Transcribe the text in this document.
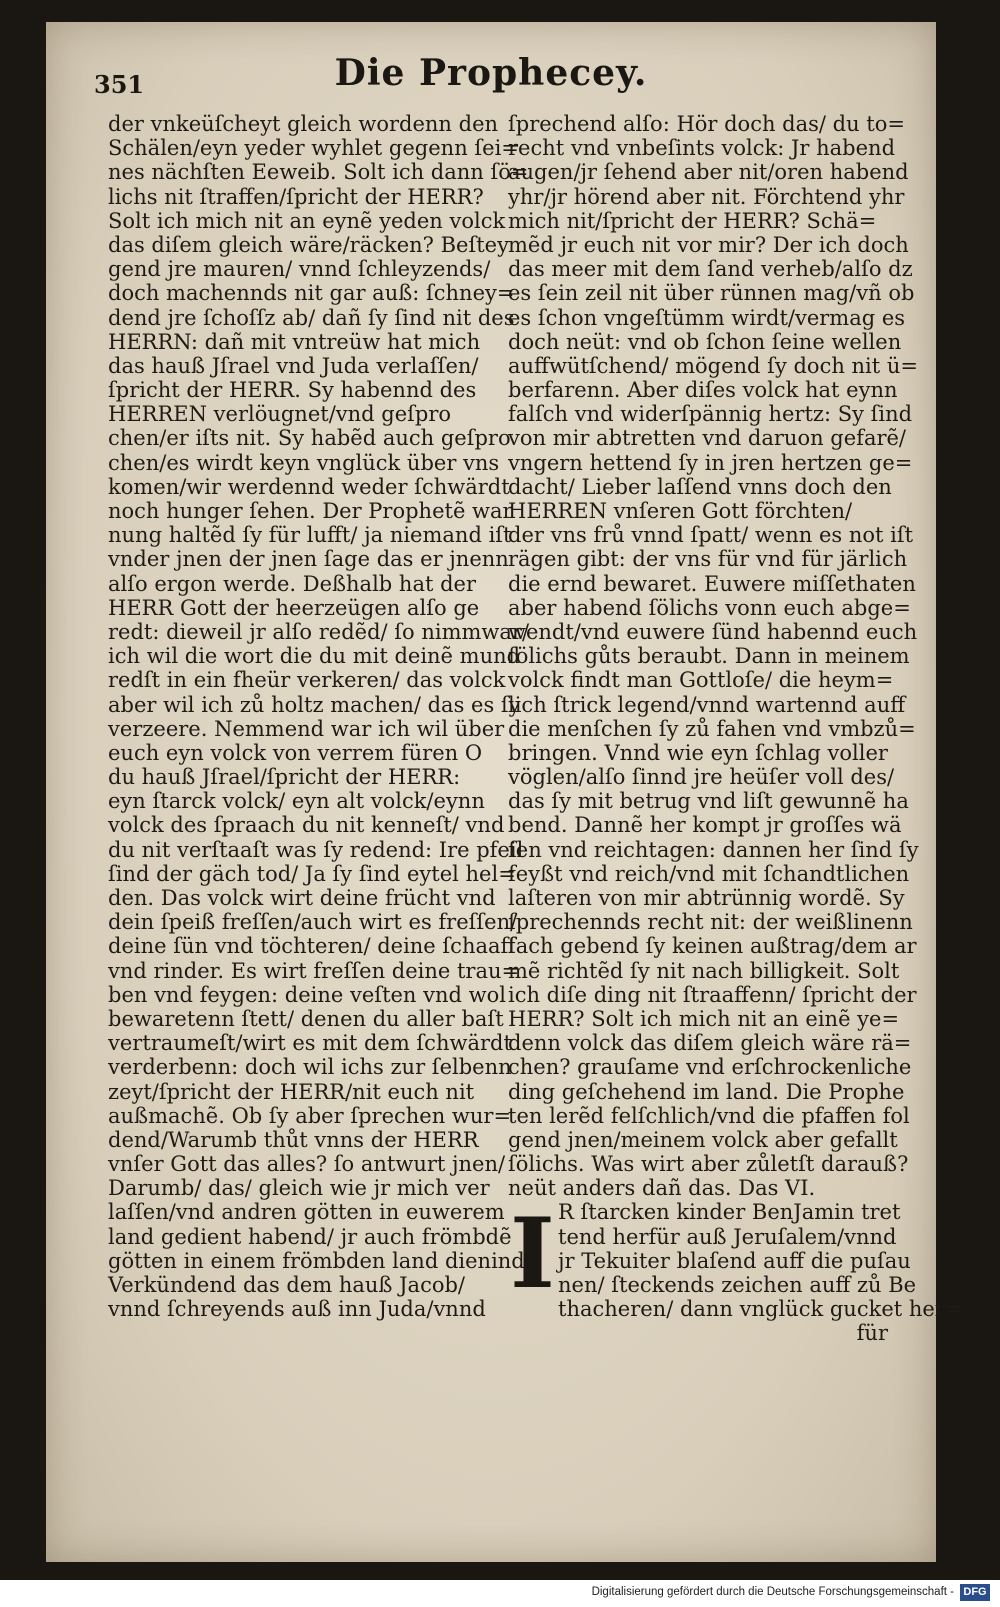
351	Die Prophecey.
der vnkeüſcheyt gleich wordenn den
Schälen/eyn yeder wyhlet gegenn ſei=
nes nächſten Eeweib. Solt ich dann ſö=
lichs nit ſtraffen/ſpricht der HERR?
Solt ich mich nit an eynẽ yeden volck
das diſem gleich wäre/räcken? Beſtey
gend jre mauren/ vnnd ſchleyzends/
doch machennds nit gar auß: ſchney=
dend jre ſchoſſz ab/ dañ ſy ſind nit des
HERRN: dañ mit vntreüw hat mich
das hauß Jſrael vnd Juda verlaſſen/
ſpricht der HERR. Sy habennd des
HERREN verlöugnet/vnd geſpro
chen/er iſts nit. Sy habẽd auch geſpro
chen/es wirdt keyn vnglück über vns
komen/wir werdennd weder ſchwärdt
noch hunger ſehen. Der Prophetẽ war
nung haltẽd ſy für lufft/ ja niemand iſt
vnder jnen der jnen ſage das er jnenn
alſo ergon werde. Deßhalb hat der
HERR Gott der heerzeügen alſo ge
redt: dieweil jr alſo redẽd/ ſo nimmwar/
ich wil die wort die du mit deinẽ mund
redſt in ein fheür verkeren/ das volck
aber wil ich zů holtz machen/ das es ſy
verzeere. Nemmend war ich wil über
euch eyn volck von verrem füren O
du hauß Jſrael/ſpricht der HERR:
eyn ſtarck volck/ eyn alt volck/eynn
volck des ſpraach du nit kenneſt/ vnd
du nit verſtaaſt was ſy redend: Ire pfeil
ſind der gäch tod/ Ja ſy ſind eytel hel=
den. Das volck wirt deine frücht vnd
dein ſpeiß freſſen/auch wirt es freſſen/
deine ſün vnd töchteren/ deine ſchaaff
vnd rinder. Es wirt freſſen deine trau=
ben vnd feygen: deine veſten vnd wol
bewaretenn ſtett/ denen du aller baſt
vertraumeſt/wirt es mit dem ſchwärdt
verderbenn: doch wil ichs zur ſelbenn
zeyt/ſpricht der HERR/nit euch nit
außmachẽ. Ob ſy aber ſprechen wur=
dend/Warumb thůt vnns der HERR
vnſer Gott das alles? ſo antwurt jnen/
Darumb/ das/ gleich wie jr mich ver
laſſen/vnd andren götten in euwerem
land gedient habend/ jr auch frömbdẽ
götten in einem frömbden land dienind.
Verkündend das dem hauß Jacob/
vnnd ſchreyends auß inn Juda/vnnd
ſprechend alſo: Hör doch das/ du to=
recht vnd vnbeſints volck: Jr habend
augen/jr ſehend aber nit/oren habend
yhr/jr hörend aber nit. Förchtend yhr
mich nit/ſpricht der HERR? Schä=
mẽd jr euch nit vor mir? Der ich doch
das meer mit dem ſand verheb/alſo dz
es ſein zeil nit über rünnen mag/vñ ob
es ſchon vngeſtümm wirdt/vermag es
doch neüt: vnd ob ſchon ſeine wellen
auffwütſchend/ mögend ſy doch nit ü=
berfarenn. Aber diſes volck hat eynn
falſch vnd widerſpännig hertz: Sy ſind
von mir abtretten vnd daruon gefarẽ/
vngern hettend ſy in jren hertzen ge=
dacht/ Lieber laſſend vnns doch den
HERREN vnſeren Gott förchten/
der vns frů vnnd ſpatt/ wenn es not iſt
rägen gibt: der vns für vnd für järlich
die ernd bewaret. Euwere miſſethaten
aber habend ſölichs vonn euch abge=
wendt/vnd euwere ſünd habennd euch
ſölichs gůts beraubt. Dann in meinem
volck findt man Gottloſe/ die heym=
lich ſtrick legend/vnnd wartennd auff
die menſchen ſy zů fahen vnd vmbzů=
bringen. Vnnd wie eyn ſchlag voller
vöglen/alſo ſinnd jre heüſer voll des/
das ſy mit betrug vnd liſt gewunnẽ ha
bend. Dannẽ her kompt jr groſſes wä
ſen vnd reichtagen: dannen her ſind ſy
feyßt vnd reich/vnd mit ſchandtlichen
laſteren von mir abtrünnig wordẽ. Sy
ſprechennds recht nit: der weißlinenn
ſach gebend ſy keinen außtrag/dem ar
mẽ richtẽd ſy nit nach billigkeit. Solt
ich diſe ding nit ſtraaffenn/ ſpricht der
HERR? Solt ich mich nit an einẽ ye=
denn volck das diſem gleich wäre rä=
chen? grauſame vnd erſchrockenliche
ding geſchehend im land. Die Prophe
ten lerẽd felſchlich/vnd die pfaffen fol
gend jnen/meinem volck aber gefallt
ſölichs. Was wirt aber zůletſt darauß?
neüt anders dañ das. Das VI.
I R ſtarcken kinder BenJamin tret
tend herfür auß Jeruſalem/vnnd
jr Tekuiter blaſend auff die puſau
nen/ ſteckends zeichen auff zů Be
thacheren/ dann vnglück gucket her=
für
Digitalisierung gefördert durch die Deutsche Forschungsgemeinschaft - DFG
